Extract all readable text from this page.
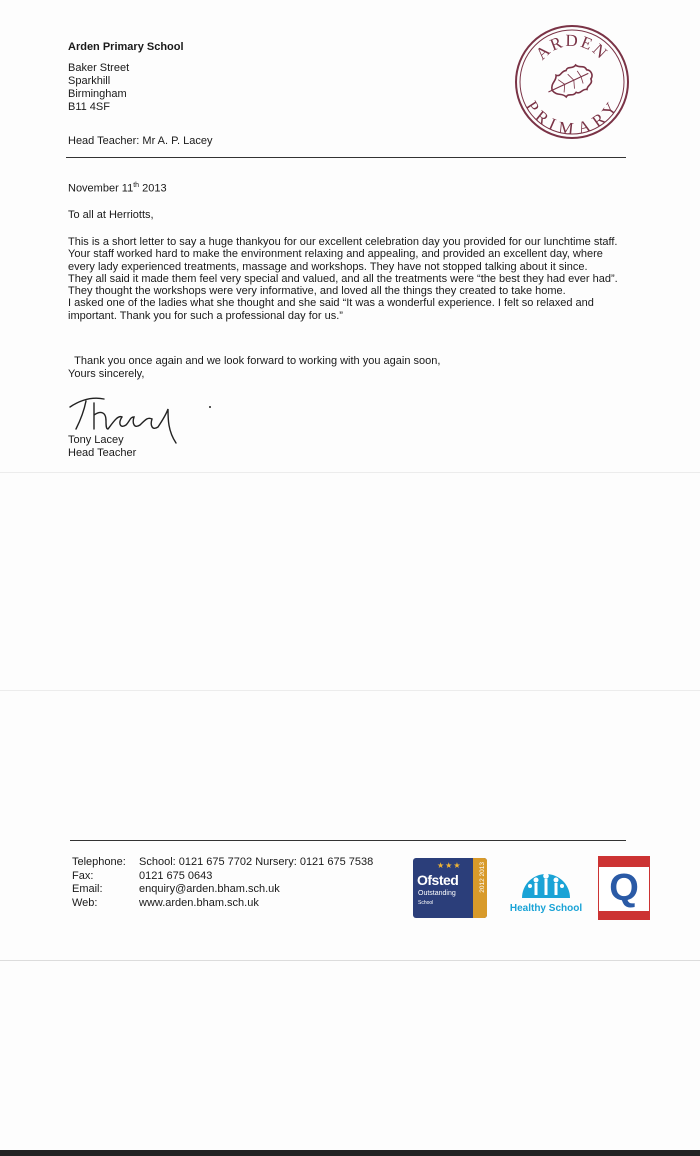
Arden Primary School
Baker Street
Sparkhill
Birmingham
B11 4SF
ARDEN
PRIMARY
Head Teacher: Mr A. P. Lacey
November 11th 2013
To all at Herriotts,

This is a short letter to say a huge thankyou for our excellent celebration day you provided for our lunchtime staff.

Your staff worked hard to make the environment relaxing and appealing, and provided an excellent day, where every lady experienced treatments, massage and workshops. They have not stopped talking about it since.

They all said it made them feel very special and valued, and all the treatments were “the best they had ever had”. They thought the workshops were very informative, and loved all the things they created to take home.

I asked one of the ladies what she thought and she said “It was a wonderful experience. I felt so relaxed and important. Thank you for such a professional day for us.”

Thank you once again and we look forward to working with you again soon,
Yours sincerely,
Tony Lacey
Head Teacher
Telephone:	School: 0121 675 7702 Nursery: 0121 675 7538
Fax:	0121 675 0643
Email:	enquiry@arden.bham.sch.uk
Web:	www.arden.bham.sch.uk
★★★
Ofsted
Outstanding
School
2012 2013
Healthy School Q
